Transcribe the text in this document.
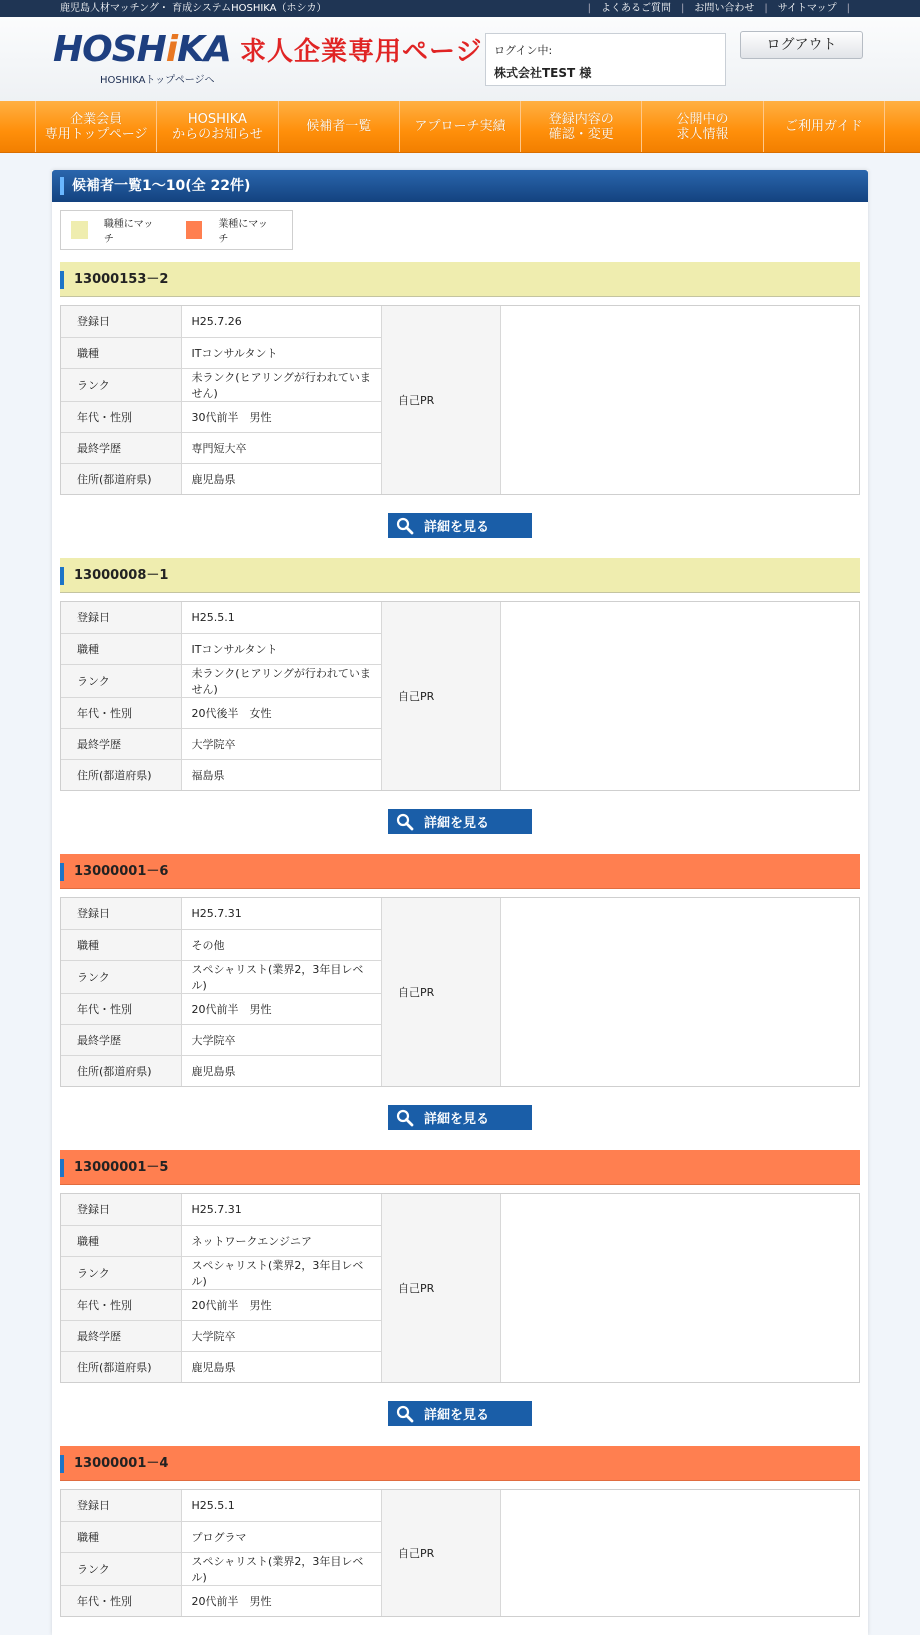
鹿児島人材マッチング・ 育成システムHOSHIKA（ホシカ）	|	よくあるご質問	|	お問い合わせ	|	サイトマップ	|
HOSHiKA
HOSHIKAトップページへ
求人企業専用ページ ログイン中:
株式会社TEST 様
ログアウト
企業会員
専用トップページ
HOSHIKA
からのお知らせ	候補者一覧	アプローチ実績	登録内容の
確認・変更
公開中の
求人情報	ご利用ガイド
候補者一覧1～10(全 22件)
職種にマッチ
業種にマッチ
13000153－2
登録日	H25.7.26
職種	ITコンサルタント
ランク	未ランク(ヒアリングが行われていません)
年代・性別	30代前半　男性
最終学歴	専門短大卒
住所(都道府県)	鹿児島県
自己PR
詳細を見る
13000008－1
登録日	H25.5.1
職種	ITコンサルタント
ランク	未ランク(ヒアリングが行われていません)
年代・性別	20代後半　女性
最終学歴	大学院卒
住所(都道府県)	福島県
自己PR
詳細を見る
13000001－6
登録日	H25.7.31
職種	その他
ランク	スペシャリスト(業界2，3年目レベル)
年代・性別	20代前半　男性
最終学歴	大学院卒
住所(都道府県)	鹿児島県
自己PR
詳細を見る
13000001－5
登録日	H25.7.31
職種	ネットワークエンジニア
ランク	スペシャリスト(業界2，3年目レベル)
年代・性別	20代前半　男性
最終学歴	大学院卒
住所(都道府県)	鹿児島県
自己PR
詳細を見る
13000001－4
登録日	H25.5.1
職種	プログラマ
ランク	スペシャリスト(業界2，3年目レベル)
年代・性別	20代前半　男性
自己PR
